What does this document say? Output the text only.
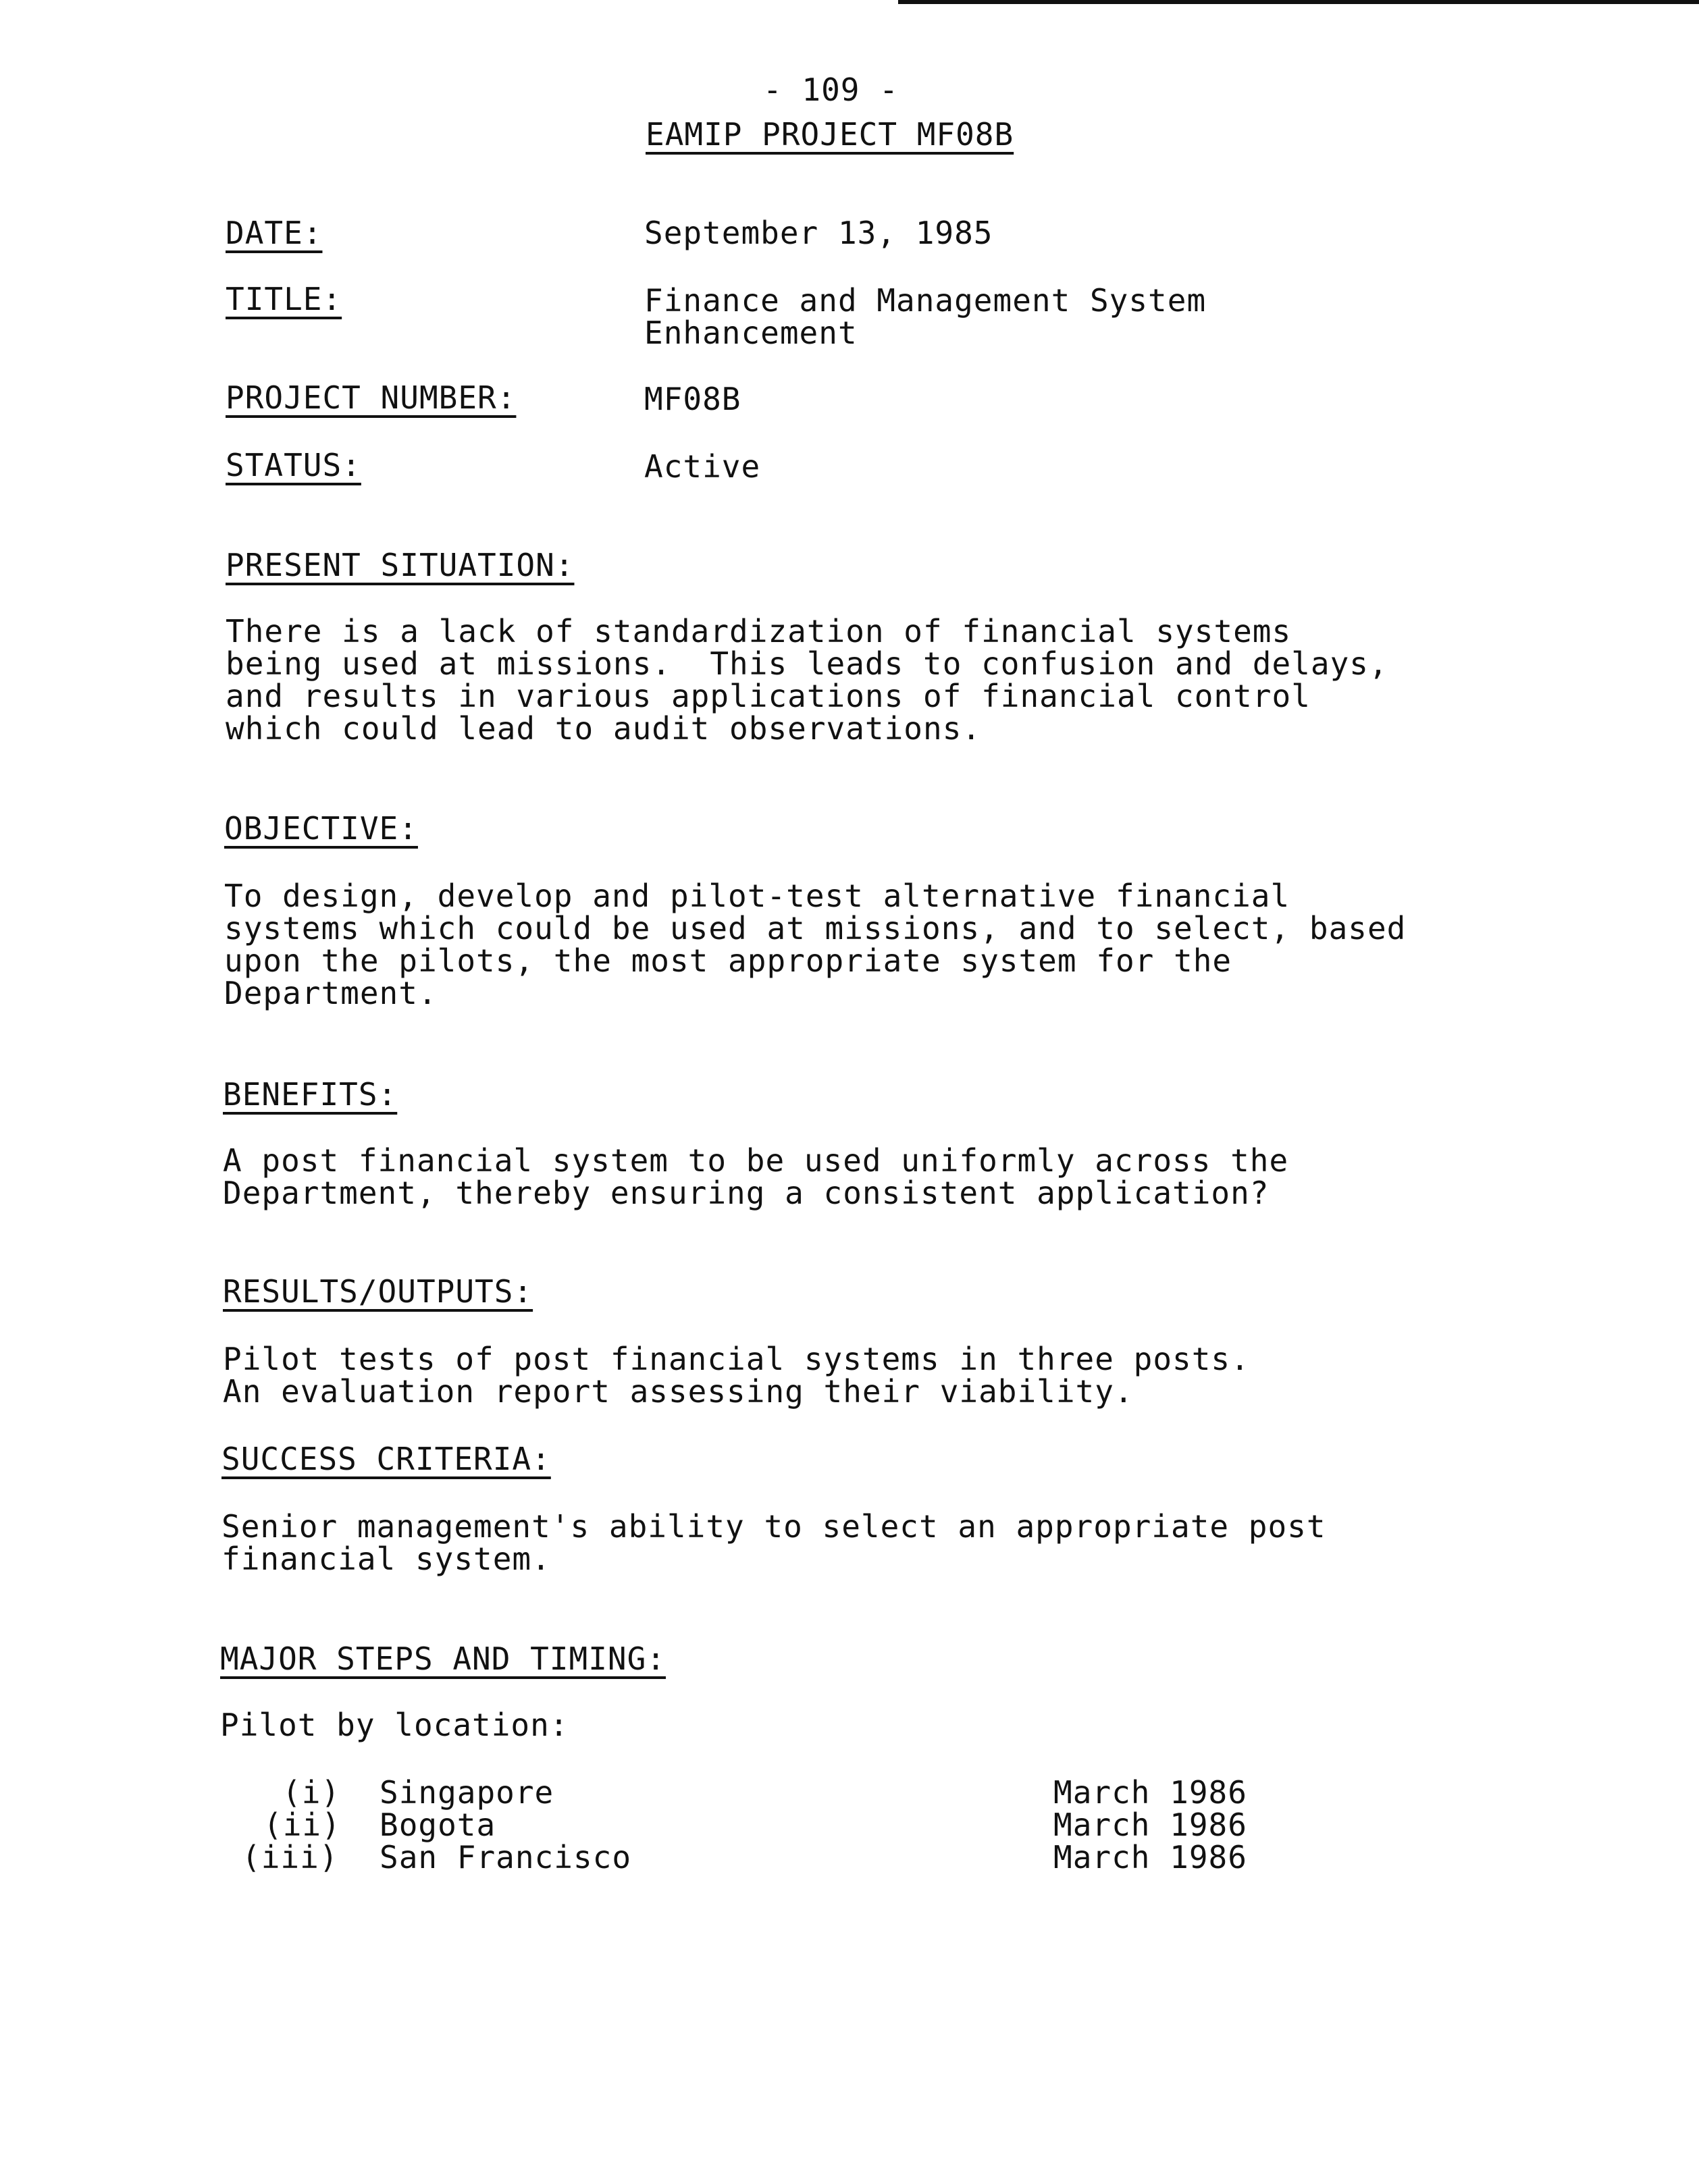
- 109 -
EAMIP PROJECT MF08B
DATE:	September 13, 1985
TITLE:	Finance and Management System
Enhancement
PROJECT NUMBER:	MF08B
STATUS:	Active
PRESENT SITUATION:
There is a lack of standardization of financial systems
being used at missions.  This leads to confusion and delays,
and results in various applications of financial control
which could lead to audit observations.
OBJECTIVE:
To design, develop and pilot-test alternative financial
systems which could be used at missions, and to select, based
upon the pilots, the most appropriate system for the
Department.
BENEFITS:
A post financial system to be used uniformly across the
Department, thereby ensuring a consistent application?
RESULTS/OUTPUTS:
Pilot tests of post financial systems in three posts.
An evaluation report assessing their viability.
SUCCESS CRITERIA:
Senior management's ability to select an appropriate post
financial system.
MAJOR STEPS AND TIMING:
Pilot by location:
(i) Singapore	March 1986
(ii) Bogota	March 1986
(iii) San Francisco	March 1986
